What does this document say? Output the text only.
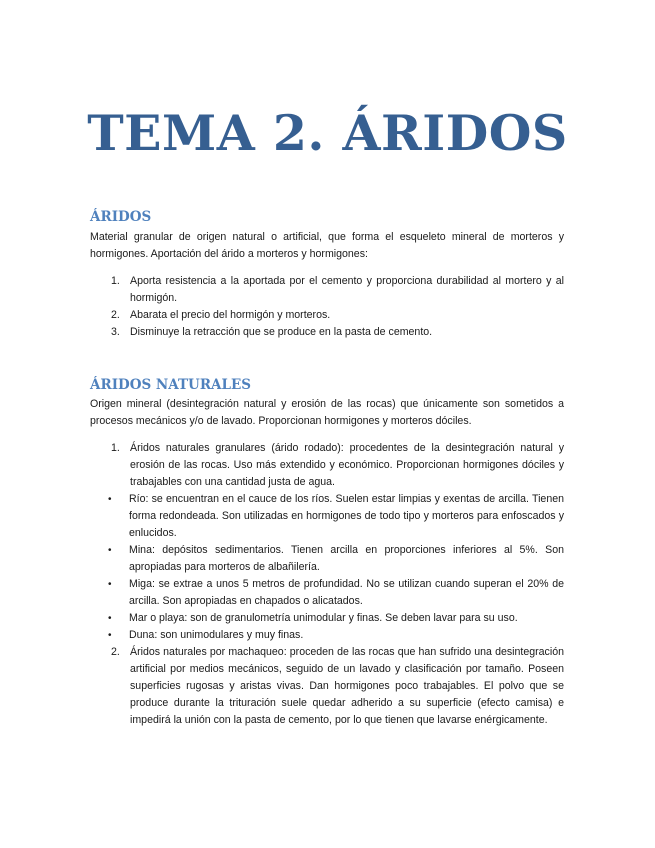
TEMA 2. ÁRIDOS
ÁRIDOS
Material granular de origen natural o artificial, que forma el esqueleto mineral de morteros y hormigones. Aportación del árido a morteros y hormigones:
1. Aporta resistencia a la aportada por el cemento y proporciona durabilidad al mortero y al hormigón.
2. Abarata el precio del hormigón y morteros.
3. Disminuye la retracción que se produce en la pasta de cemento.
ÁRIDOS NATURALES
Origen mineral (desintegración natural y erosión de las rocas) que únicamente son sometidos a procesos mecánicos y/o de lavado. Proporcionan hormigones y morteros dóciles.
1. Áridos naturales granulares (árido rodado): procedentes de la desintegración natural y erosión de las rocas. Uso más extendido y económico. Proporcionan hormigones dóciles y trabajables con una cantidad justa de agua.
• Río: se encuentran en el cauce de los ríos. Suelen estar limpias y exentas de arcilla. Tienen forma redondeada. Son utilizadas en hormigones de todo tipo y morteros para enfoscados y enlucidos.
• Mina: depósitos sedimentarios. Tienen arcilla en proporciones inferiores al 5%. Son apropiadas para morteros de albañilería.
• Miga: se extrae a unos 5 metros de profundidad. No se utilizan cuando superan el 20% de arcilla. Son apropiadas en chapados o alicatados.
• Mar o playa: son de granulometría unimodular y finas. Se deben lavar para su uso.
• Duna: son unimodulares y muy finas.
2. Áridos naturales por machaqueo: proceden de las rocas que han sufrido una desintegración artificial por medios mecánicos, seguido de un lavado y clasificación por tamaño. Poseen superficies rugosas y aristas vivas. Dan hormigones poco trabajables. El polvo que se produce durante la trituración suele quedar adherido a su superficie (efecto camisa) e impedirá la unión con la pasta de cemento, por lo que tienen que lavarse enérgicamente.
